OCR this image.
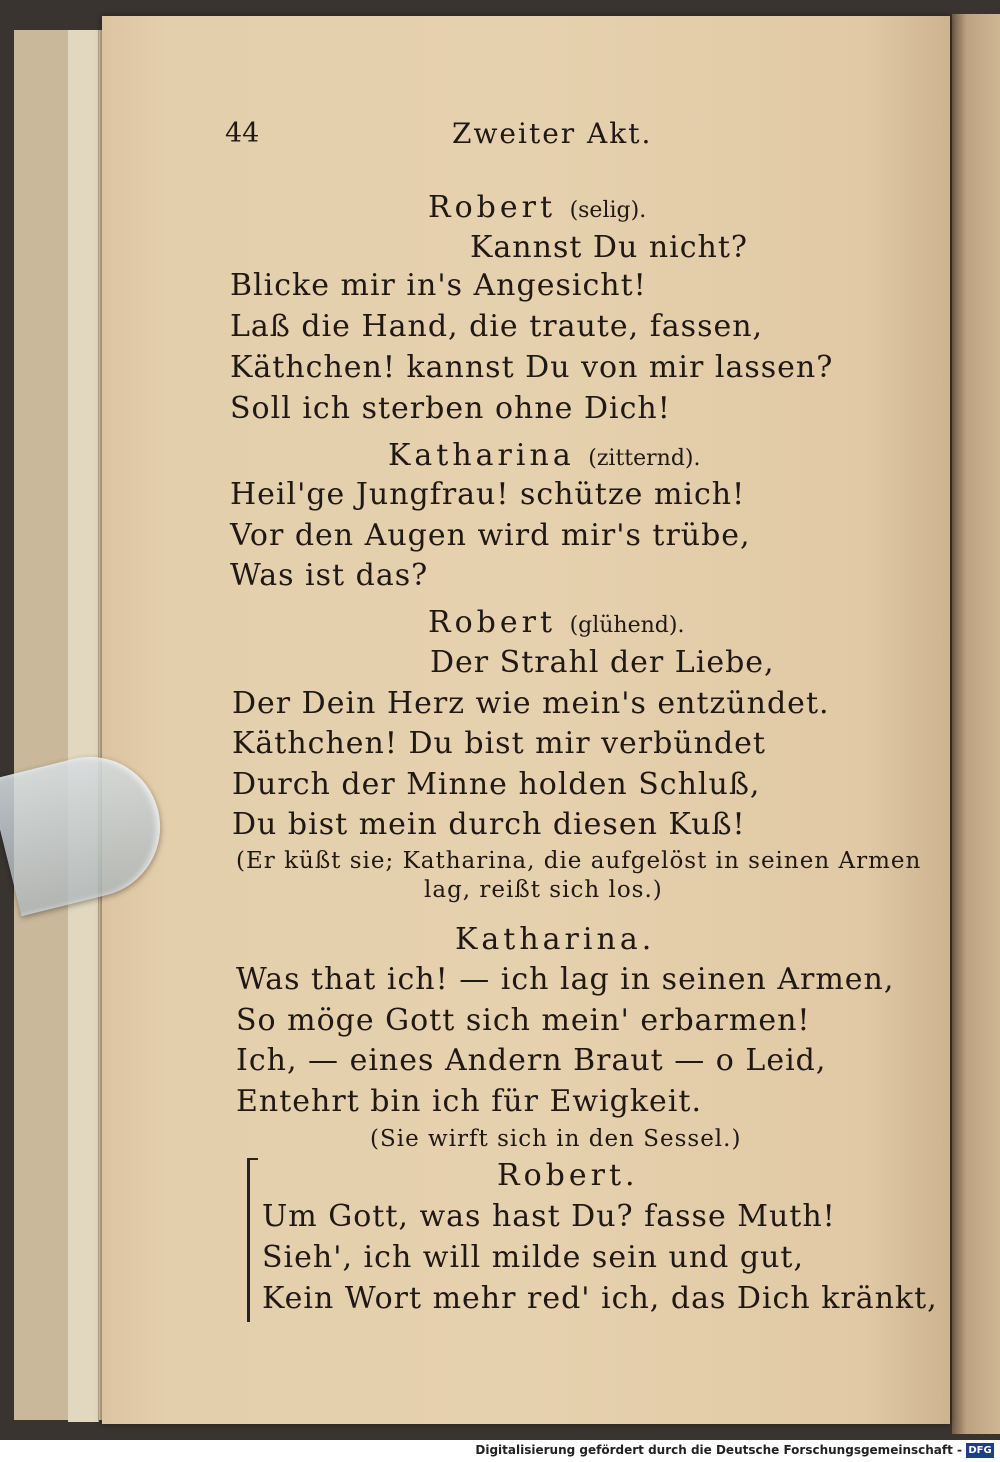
44	Zweiter Akt.
Robert (selig).
Kannst Du nicht?
Blicke mir in's Angesicht!
Laß die Hand, die traute, fassen,
Käthchen! kannst Du von mir lassen?
Soll ich sterben ohne Dich!
Katharina (zitternd).
Heil'ge Jungfrau! schütze mich!
Vor den Augen wird mir's trübe,
Was ist das?
Robert (glühend).
Der Strahl der Liebe,
Der Dein Herz wie mein's entzündet.
Käthchen! Du bist mir verbündet
Durch der Minne holden Schluß,
Du bist mein durch diesen Kuß!
(Er küßt sie; Katharina, die aufgelöst in seinen Armen
lag, reißt sich los.)
Katharina.
Was that ich! — ich lag in seinen Armen,
So möge Gott sich mein' erbarmen!
Ich, — eines Andern Braut — o Leid,
Entehrt bin ich für Ewigkeit.
(Sie wirft sich in den Sessel.)
Robert.
Um Gott, was hast Du? fasse Muth!
Sieh', ich will milde sein und gut,
Kein Wort mehr red' ich, das Dich kränkt,
Digitalisierung gefördert durch die Deutsche Forschungsgemeinschaft - DFG
